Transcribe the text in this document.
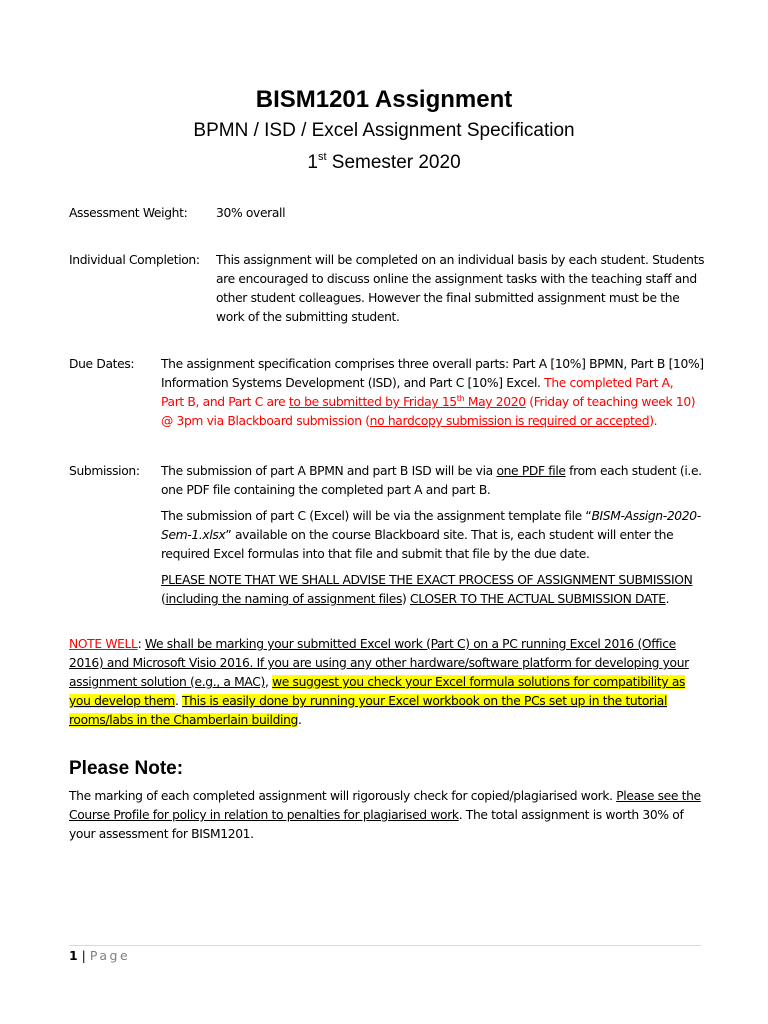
BISM1201 Assignment
BPMN / ISD / Excel Assignment Specification
1st Semester 2020
Assessment Weight: 30% overall
Individual Completion: This assignment will be completed on an individual basis by each student. Students

are encouraged to discuss online the assignment tasks with the teaching staff and

other student colleagues. However the final submitted assignment must be the

work of the submitting student.

Due Dates: The assignment specification comprises three overall parts: Part A [10%] BPMN, Part B [10%]

Information Systems Development (ISD), and Part C [10%] Excel. The completed Part A,

Part B, and Part C are to be submitted by Friday 15th May 2020 (Friday of teaching week 10)

@ 3pm via Blackboard submission (no hardcopy submission is required or accepted).

Submission: The submission of part A BPMN and part B ISD will be via one PDF file from each student (i.e.

one PDF file containing the completed part A and part B.

The submission of part C (Excel) will be via the assignment template file “BISM-Assign-2020-

Sem-1.xlsx” available on the course Blackboard site. That is, each student will enter the

required Excel formulas into that file and submit that file by the due date.

PLEASE NOTE THAT WE SHALL ADVISE THE EXACT PROCESS OF ASSIGNMENT SUBMISSION

(including the naming of assignment files) CLOSER TO THE ACTUAL SUBMISSION DATE.

NOTE WELL: We shall be marking your submitted Excel work (Part C) on a PC running Excel 2016 (Office

2016) and Microsoft Visio 2016. If you are using any other hardware/software platform for developing your

assignment solution (e.g., a MAC), we suggest you check your Excel formula solutions for compatibility as

you develop them. This is easily done by running your Excel workbook on the PCs set up in the tutorial

rooms/labs in the Chamberlain building.

Please Note:

The marking of each completed assignment will rigorously check for copied/plagiarised work. Please see the

Course Profile for policy in relation to penalties for plagiarised work. The total assignment is worth 30% of

your assessment for BISM1201.

1 | Page
